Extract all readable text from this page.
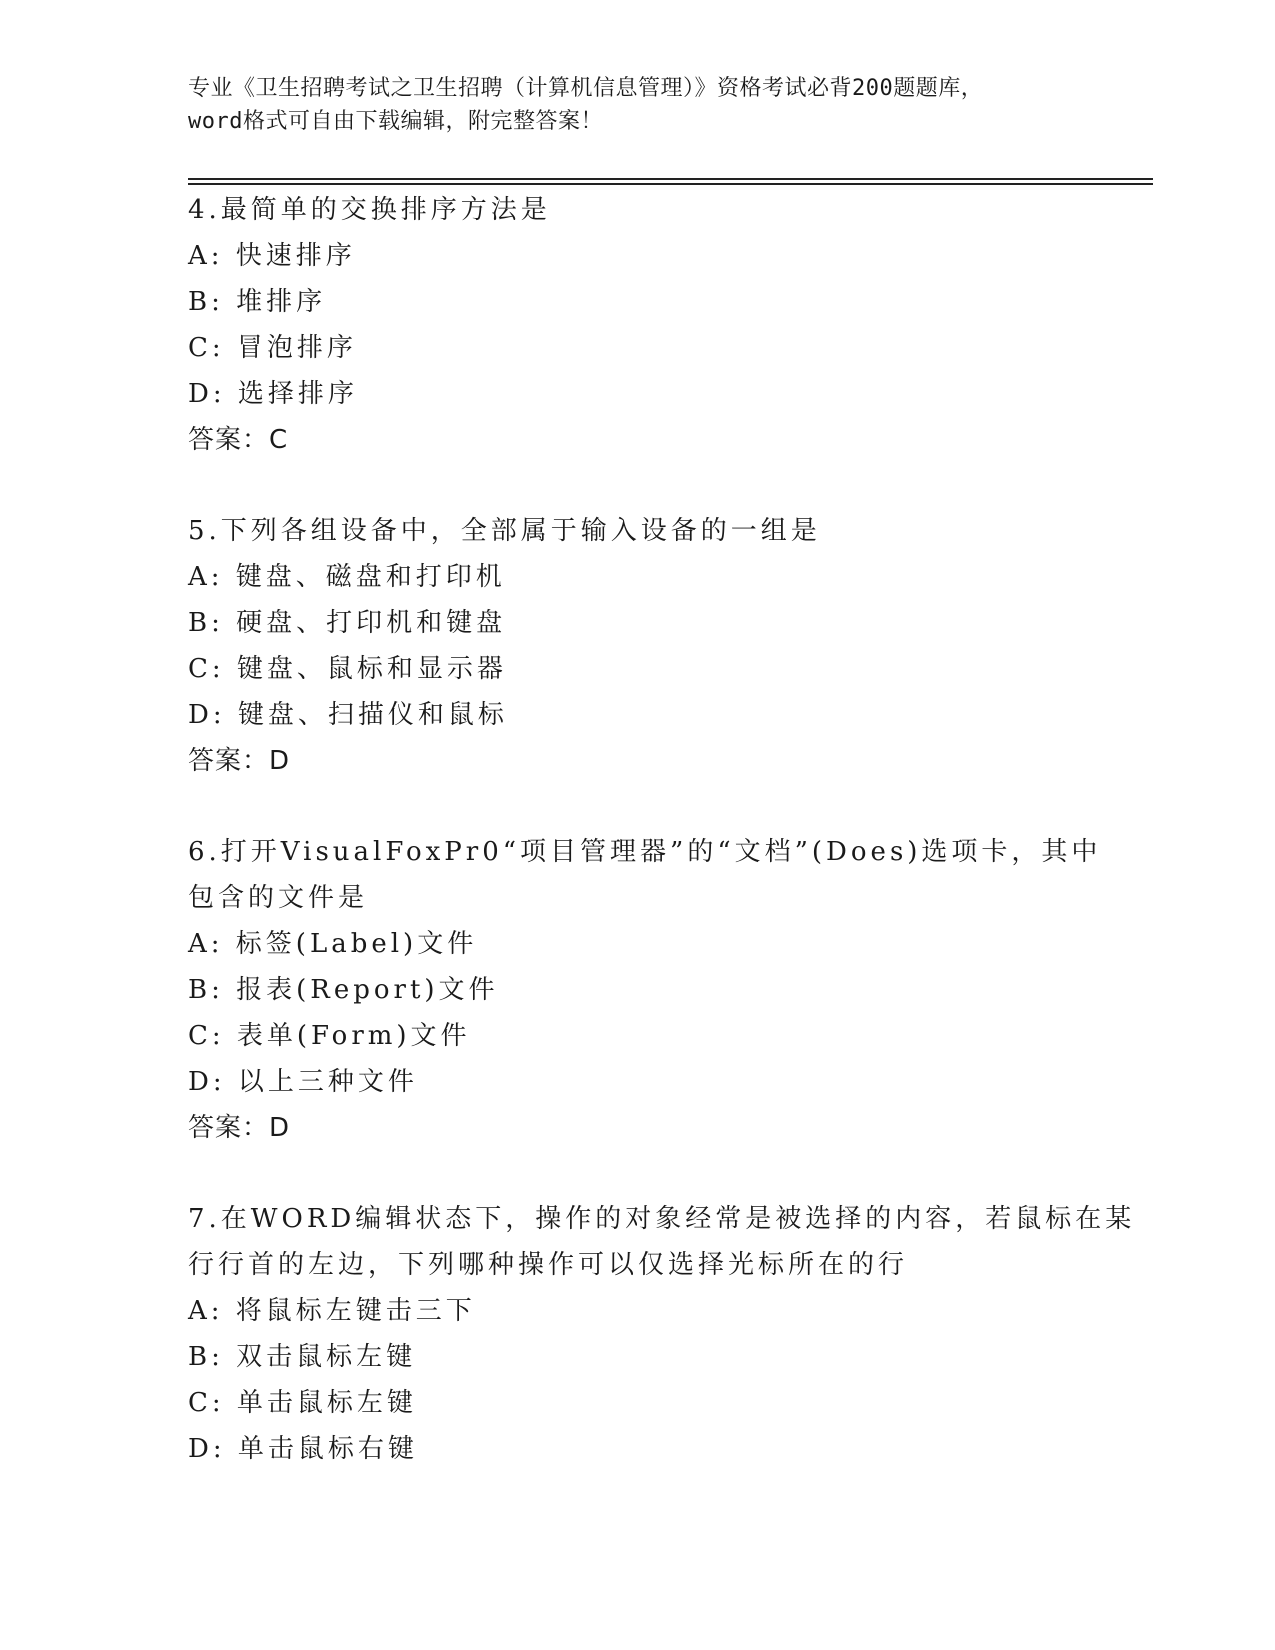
专业《卫生招聘考试之卫生招聘（计算机信息管理）》资格考试必背200题题库，
word格式可自由下载编辑，附完整答案！
4.最简单的交换排序方法是
A: 快速排序
B: 堆排序
C: 冒泡排序
D: 选择排序
答案：C
5.下列各组设备中，全部属于输入设备的一组是
A: 键盘、磁盘和打印机
B: 硬盘、打印机和键盘
C: 键盘、鼠标和显示器
D: 键盘、扫描仪和鼠标
答案：D
6.打开VisualFoxPr0“项目管理器”的“文档”(Does)选项卡，其中
包含的文件是
A: 标签(Label)文件
B: 报表(Report)文件
C: 表单(Form)文件
D: 以上三种文件
答案：D
7.在WORD编辑状态下，操作的对象经常是被选择的内容，若鼠标在某
行行首的左边，下列哪种操作可以仅选择光标所在的行
A: 将鼠标左键击三下
B: 双击鼠标左键
C: 单击鼠标左键
D: 单击鼠标右键
